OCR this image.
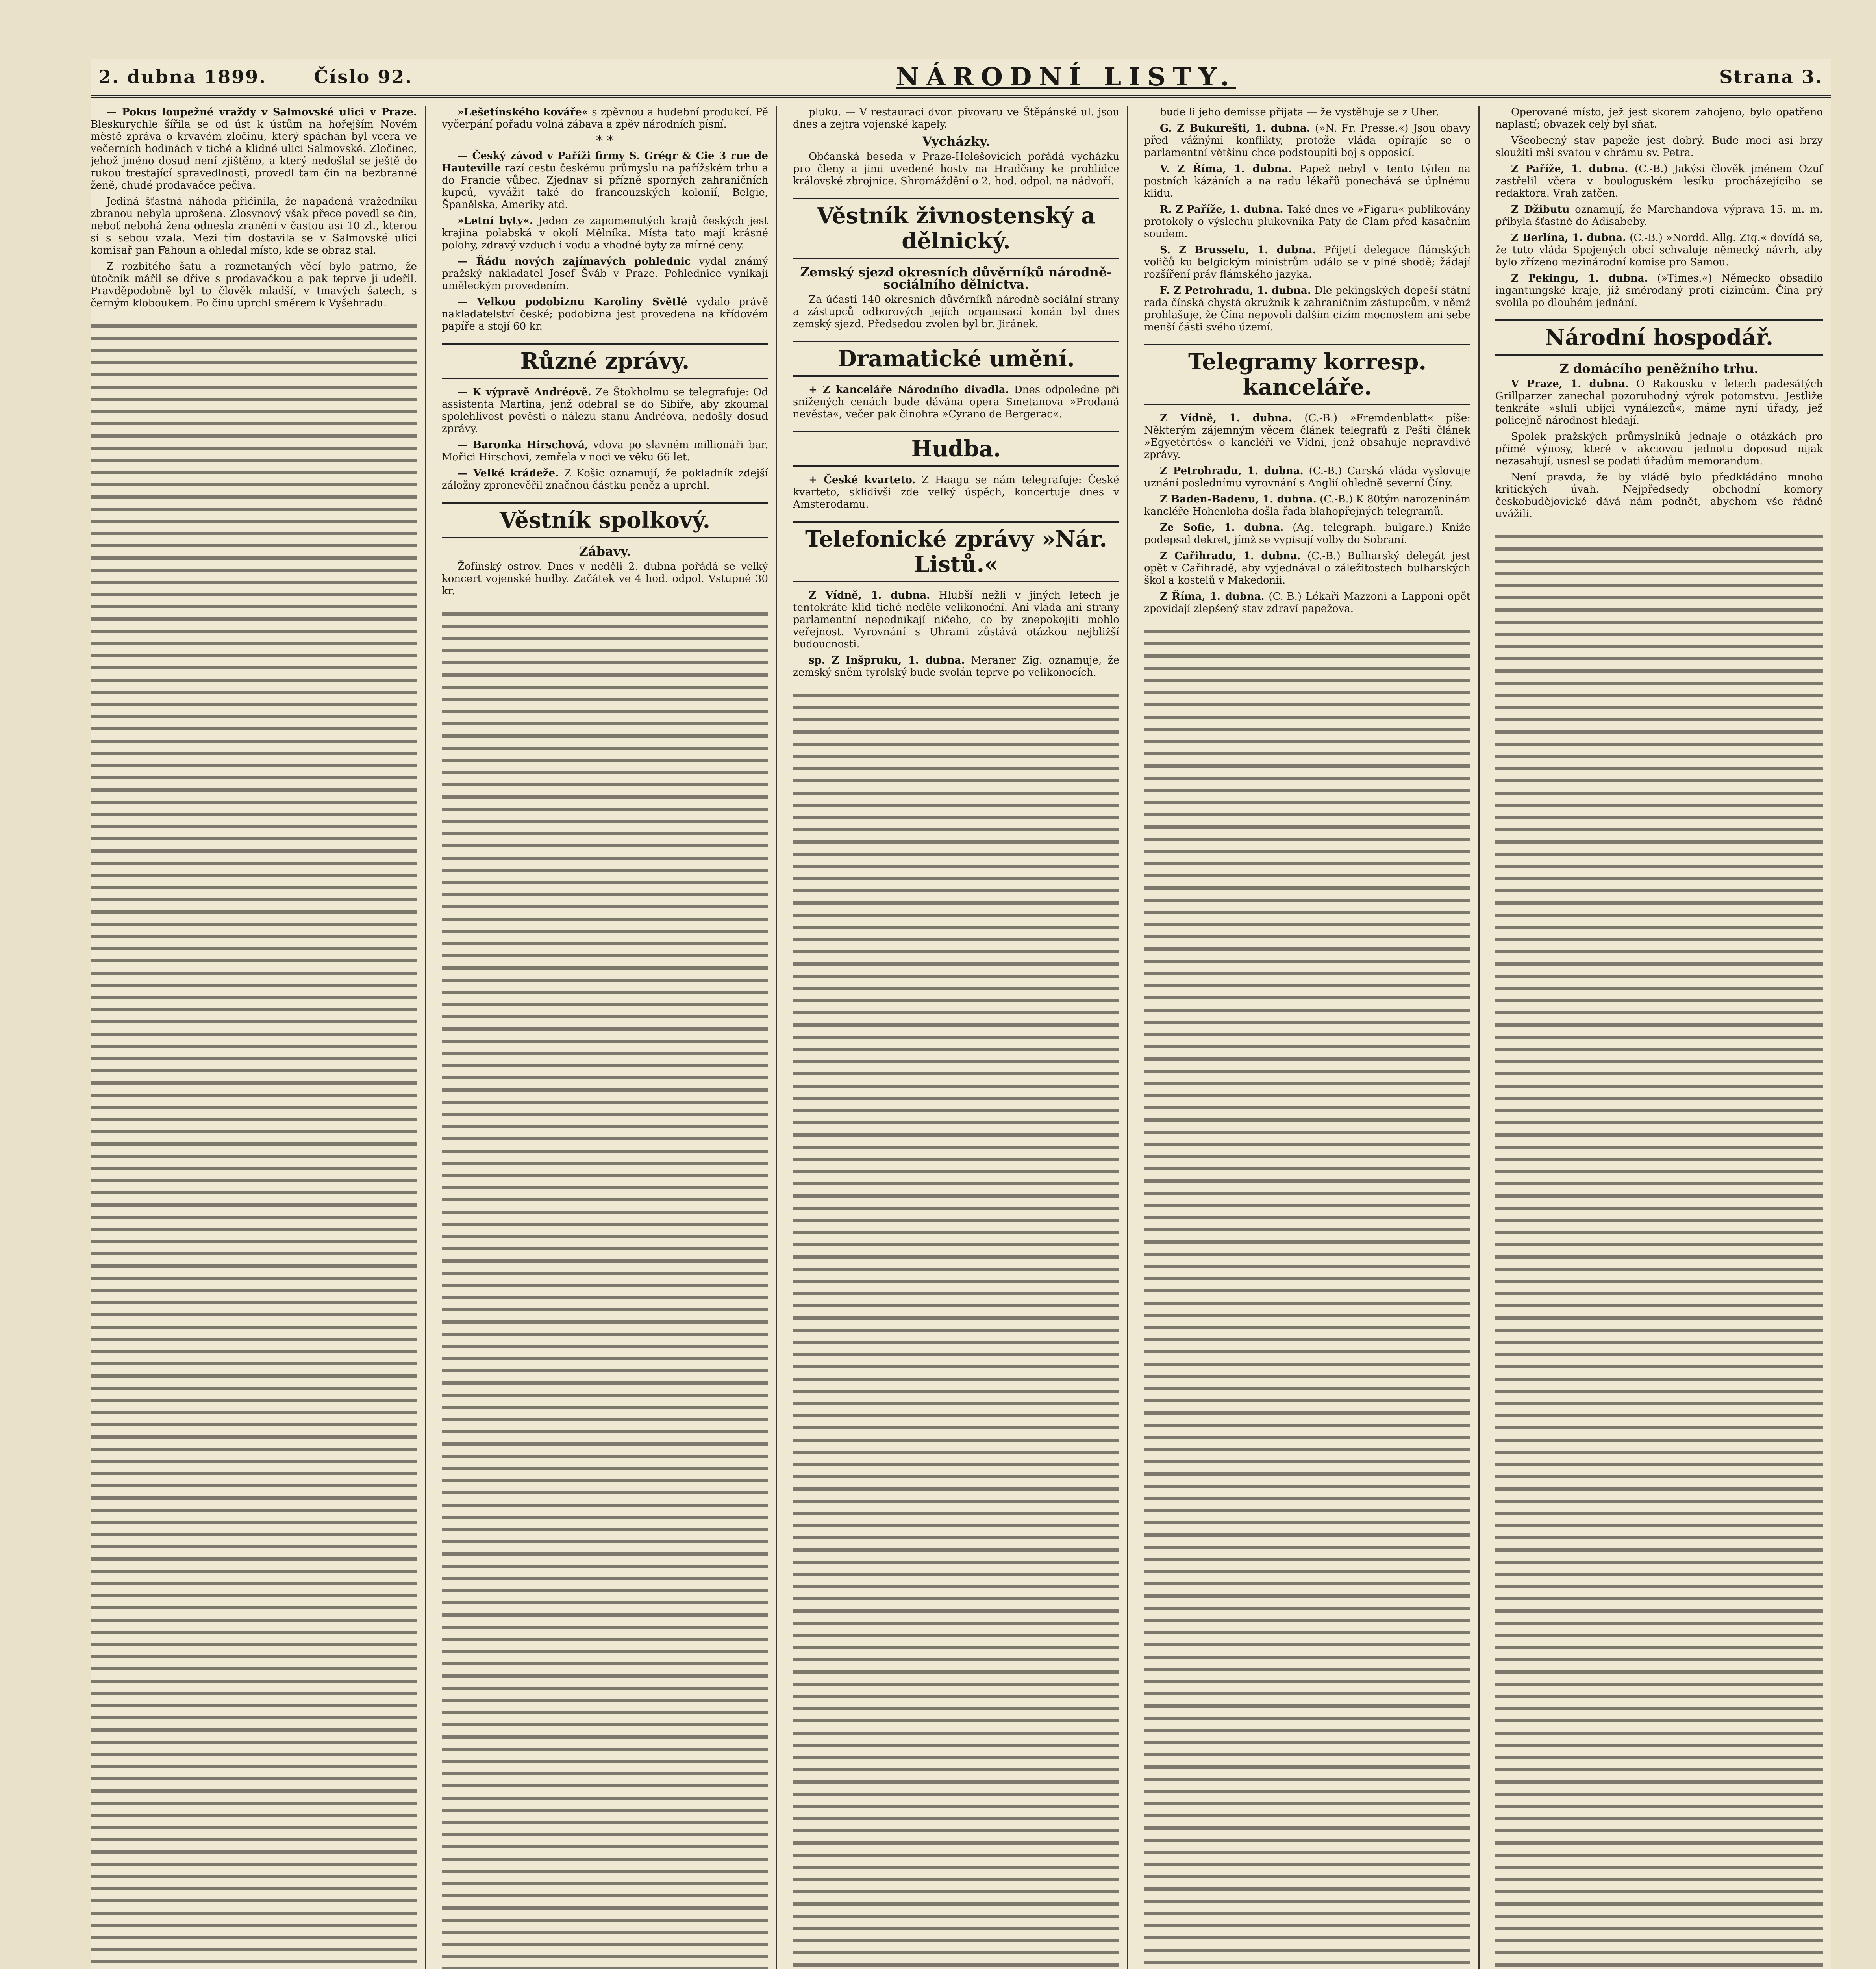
2. dubna 1899.	Číslo 92.	NÁRODNÍ LISTY.	Strana 3.

— Pokus loupežné vraždy v Salmovské ulici v Praze. Bleskurychle šířila se od úst k ústům na hořejším Novém městě zpráva o krvavém zločinu, který spáchán byl včera ve večerních hodinách v tiché a klidné ulici Salmovské. Zločinec, jehož jméno dosud není zjištěno, a který nedošlal se ještě do rukou trestající spravedlnosti, provedl tam čin na bezbranné ženě, chudé prodavačce pečiva.

Jediná šťastná náhoda přičinila, že napadená vražedníku zbranou nebyla uprošena. Zlosynový však přece povedl se čin, neboť nebohá žena odnesla zranění v častou asi 10 zl., kterou si s sebou vzala. Mezi tím dostavila se v Salmovské ulici komisař pan Fahoun a ohledal místo, kde se obraz stal.

Z rozbitého šatu a rozmetaných věcí bylo patrno, že útočník mářil se dříve s prodavačkou a pak teprve ji udeřil. Pravděpodobně byl to člověk mladší, v tmavých šatech, s černým kloboukem. Po činu uprchl směrem k Vyšehradu.

»Lešetínského kováře« s zpěvnou a hudební produkcí. Pě vyčerpání pořadu volná zábava a zpěv národních písní.

* *

— Český závod v Paříži firmy S. Grégr & Cie 3 rue de Hauteville razí cestu českému průmyslu na pařížském trhu a do Francie vůbec. Zjednav si přízně sporných zahraničních kupců, vyvážit také do francouzských kolonií, Belgie, Španělska, Ameriky atd.

»Letní byty«. Jeden ze zapomenutých krajů českých jest krajina polabská v okolí Mělníka. Místa tato mají krásné polohy, zdravý vzduch i vodu a vhodné byty za mírné ceny.

— Řádu nových zajímavých pohlednic vydal známý pražský nakladatel Josef Šváb v Praze. Pohlednice vynikají uměleckým provedením.

— Velkou podobiznu Karoliny Světlé vydalo právě nakladatelství české; podobizna jest provedena na křídovém papíře a stojí 60 kr.

Různé zprávy.

— K výpravě Andréově. Ze Štokholmu se telegrafuje: Od assistenta Martina, jenž odebral se do Sibiře, aby zkoumal spolehlivost pověsti o nálezu stanu Andréova, nedošly dosud zprávy.

— Baronka Hirschová, vdova po slavném millionáři bar. Mořici Hirschovi, zemřela v noci ve věku 66 let.

— Velké krádeže. Z Košic oznamují, že pokladník zdejší záložny zpronevěřil značnou částku peněz a uprchl.

Věstník spolkový.
Zábavy.

Žofínský ostrov. Dnes v neděli 2. dubna pořádá se velký koncert vojenské hudby. Začátek ve 4 hod. odpol. Vstupné 30 kr.

pluku. — V restauraci dvor. pivovaru ve Štěpánské ul. jsou dnes a zejtra vojenské kapely.

Vycházky.

Občanská beseda v Praze-Holešovicích pořádá vycházku pro členy a jimi uvedené hosty na Hradčany ke prohlídce královské zbrojnice. Shromáždění o 2. hod. odpol. na nádvoří.

Věstník živnostenský a dělnický.
Zemský sjezd okresních důvěrníků národně-sociálního dělnictva.

Za účasti 140 okresních důvěrníků národně-sociální strany a zástupců odborových jejích organisací konán byl dnes zemský sjezd. Předsedou zvolen byl br. Jiránek.

Dramatické umění.

+ Z kanceláře Národního divadla. Dnes odpoledne při snížených cenách bude dávána opera Smetanova »Prodaná nevěsta«, večer pak činohra »Cyrano de Bergerac«.

Hudba.

+ České kvarteto. Z Haagu se nám telegrafuje: České kvarteto, sklidivši zde velký úspěch, koncertuje dnes v Amsterodamu.

Telefonické zprávy »Nár. Listů.«

Z Vídně, 1. dubna. Hlubší nežli v jiných letech je tentokráte klid tiché neděle velikonoční. Ani vláda ani strany parlamentní nepodnikají ničeho, co by znepokojiti mohlo veřejnost. Vyrovnání s Uhrami zůstává otázkou nejbližší budoucnosti.

sp. Z Inšpruku, 1. dubna. Meraner Zig. oznamuje, že zemský sněm tyrolský bude svolán teprve po velikonocích.

bude li jeho demisse přijata — že vystěhuje se z Uher.

G. Z Bukurešti, 1. dubna. (»N. Fr. Presse.«) Jsou obavy před vážnými konflikty, protože vláda opírajíc se o parlamentní většinu chce podstoupiti boj s opposicí.

V. Z Říma, 1. dubna. Papež nebyl v tento týden na postních kázáních a na radu lékařů ponechává se úplnému klidu.

R. Z Paříže, 1. dubna. Také dnes ve »Figaru« publikovány protokoly o výslechu plukovníka Paty de Clam před kasačním soudem.

S. Z Brusselu, 1. dubna. Přijetí delegace flámských voličů ku belgickým ministrům událo se v plné shodě; žádají rozšíření práv flámského jazyka.

F. Z Petrohradu, 1. dubna. Dle pekingských depeší státní rada čínská chystá okružník k zahraničním zástupcům, v němž prohlašuje, že Čína nepovolí dalším cizím mocnostem ani sebe menší části svého území.

Telegramy korresp. kanceláře.

Z Vídně, 1. dubna. (C.-B.) »Fremdenblatt« píše: Některým zájemným věcem článek telegrafů z Pešti článek »Egyetértés« o kancléři ve Vídni, jenž obsahuje nepravdivé zprávy.

Z Petrohradu, 1. dubna. (C.-B.) Carská vláda vyslovuje uznání poslednímu vyrovnání s Anglií ohledně severní Číny.

Z Baden-Badenu, 1. dubna. (C.-B.) K 80tým narozeninám kancléře Hohenloha došla řada blahopřejných telegramů.

Ze Sofie, 1. dubna. (Ag. telegraph. bulgare.) Kníže podepsal dekret, jímž se vypisují volby do Sobraní.

Z Cařihradu, 1. dubna. (C.-B.) Bulharský delegát jest opět v Cařihradě, aby vyjednával o záležitostech bulharských škol a kostelů v Makedonii.

Z Říma, 1. dubna. (C.-B.) Lékaři Mazzoni a Lapponi opět zpovídají zlepšený stav zdraví papežova.

Operované místo, jež jest skorem zahojeno, bylo opatřeno naplastí; obvazek celý byl sňat.

Všeobecný stav papeže jest dobrý. Bude moci asi brzy sloužiti mši svatou v chrámu sv. Petra.

Z Paříže, 1. dubna. (C.-B.) Jakýsi člověk jménem Ozuf zastřelil včera v bouloguském lesíku procházejícího se redaktora. Vrah zatčen.

Z Džibutu oznamují, že Marchandova výprava 15. m. m. přibyla šťastně do Adisabeby.

Z Berlína, 1. dubna. (C.-B.) »Nordd. Allg. Ztg.« dovídá se, že tuto vláda Spojených obcí schvaluje německý návrh, aby bylo zřízeno mezinárodní komise pro Samou.

Z Pekingu, 1. dubna. (»Times.«) Německo obsadilo ingantungské kraje, již směrodaný proti cizincům. Čína prý svolila po dlouhém jednání.

Národní hospodář.
Z domácího peněžního trhu.

V Praze, 1. dubna. O Rakousku v letech padesátých Grillparzer zanechal pozoruhodný výrok potomstvu. Jestliže tenkráte »sluli ubijci vynálezců«, máme nyní úřady, jež policejně národnost hledají.

Spolek pražských průmyslníků jednaje o otázkách pro přímé výnosy, které v akciovou jednotu doposud nijak nezasahují, usnesl se podati úřadům memorandum.

Není pravda, že by vládě bylo předkládáno mnoho kritických úvah. Nejpředsedy obchodní komory českobudějovické dává nám podnět, abychom vše řádně uvážili.
